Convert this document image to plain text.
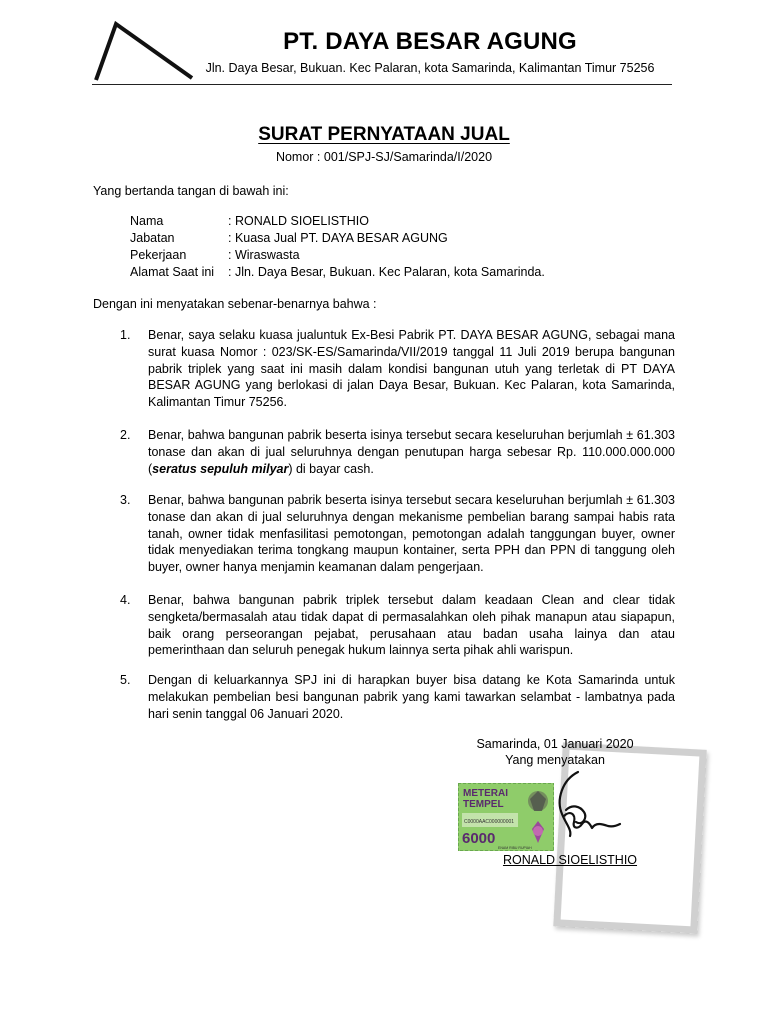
PT. DAYA BESAR AGUNG
Jln. Daya Besar, Bukuan. Kec Palaran, kota Samarinda, Kalimantan Timur 75256
SURAT PERNYATAAN JUAL
Nomor : 001/SPJ-SJ/Samarinda/I/2020
Yang bertanda tangan di bawah ini:
Nama	: RONALD SIOELISTHIO
Jabatan	: Kuasa Jual PT. DAYA BESAR AGUNG
Pekerjaan	: Wiraswasta
Alamat Saat ini : Jln. Daya Besar, Bukuan. Kec Palaran, kota Samarinda.
Dengan ini menyatakan sebenar-benarnya bahwa :
1.	Benar, saya selaku kuasa jualuntuk Ex-Besi Pabrik PT. DAYA BESAR AGUNG, sebagai mana surat kuasa Nomor : 023/SK-ES/Samarinda/VII/2019 tanggal 11 Juli 2019 berupa bangunan pabrik triplek yang saat ini masih dalam kondisi bangunan utuh yang terletak di PT DAYA BESAR AGUNG yang berlokasi di jalan Daya Besar, Bukuan. Kec Palaran, kota Samarinda, Kalimantan Timur 75256.
2.	Benar, bahwa bangunan pabrik beserta isinya tersebut secara keseluruhan berjumlah ± 61.303 tonase dan akan di jual seluruhnya dengan penutupan harga sebesar Rp. 110.000.000.000 (seratus sepuluh milyar) di bayar cash.
3.	Benar, bahwa bangunan pabrik beserta isinya tersebut secara keseluruhan berjumlah ± 61.303 tonase dan akan di jual seluruhnya dengan mekanisme pembelian barang sampai habis rata tanah, owner tidak menfasilitasi pemotongan, pemotongan adalah tanggungan buyer, owner tidak menyediakan terima tongkang maupun kontainer, serta PPH dan PPN di tanggung oleh buyer, owner hanya menjamin keamanan dalam pengerjaan.
4.	Benar, bahwa bangunan pabrik triplek tersebut dalam keadaan Clean and clear tidak sengketa/bermasalah atau tidak dapat di permasalahkan oleh pihak manapun atau siapapun, baik orang perseorangan pejabat, perusahaan atau badan usaha lainya dan atau pemerinthaan dan seluruh penegak hukum lainnya serta pihak ahli warispun.
5.	Dengan di keluarkannya SPJ ini di harapkan buyer bisa datang ke Kota Samarinda untuk melakukan pembelian besi bangunan pabrik yang kami tawarkan selambat - lambatnya pada hari senin tanggal 06 Januari 2020.
Samarinda, 01 Januari 2020
Yang menyatakan
METERAI
TEMPEL
C0000AAC000000001
6000
ENAM RIBU RUPIAH
RONALD SIOELISTHIO
